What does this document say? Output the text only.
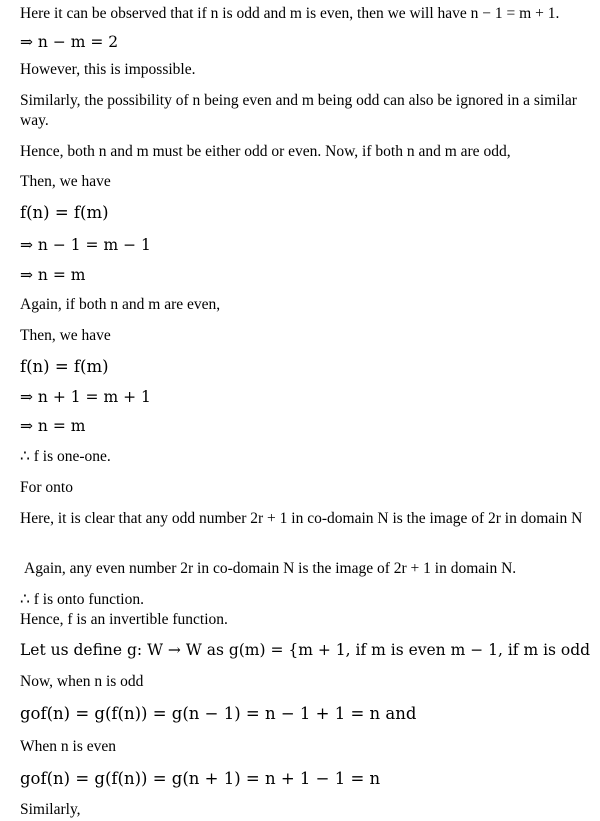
Here it can be observed that if n is odd and m is even, then we will have n − 1 = m + 1.
⇒ n − m = 2
However, this is impossible.
Similarly, the possibility of n being even and m being odd can also be ignored in a similar way.
Hence, both n and m must be either odd or even. Now, if both n and m are odd,
Then, we have
f(n) = f(m)
⇒ n − 1 = m − 1
⇒ n = m
Again, if both n and m are even,
Then, we have
f(n) = f(m)
⇒ n + 1 = m + 1
⇒ n = m
∴ f is one-one.
For onto
Here, it is clear that any odd number 2r + 1 in co-domain N is the image of 2r in domain N
Again, any even number 2r in co-domain N is the image of 2r + 1 in domain N.
∴ f is onto function.
Hence, f is an invertible function.
Let us define g: W → W as g(m) = {m + 1, if m is even m − 1, if m is odd
Now, when n is odd
gof(n) = g(f(n)) = g(n − 1) = n − 1 + 1 = n and
When n is even
gof(n) = g(f(n)) = g(n + 1) = n + 1 − 1 = n
Similarly,
